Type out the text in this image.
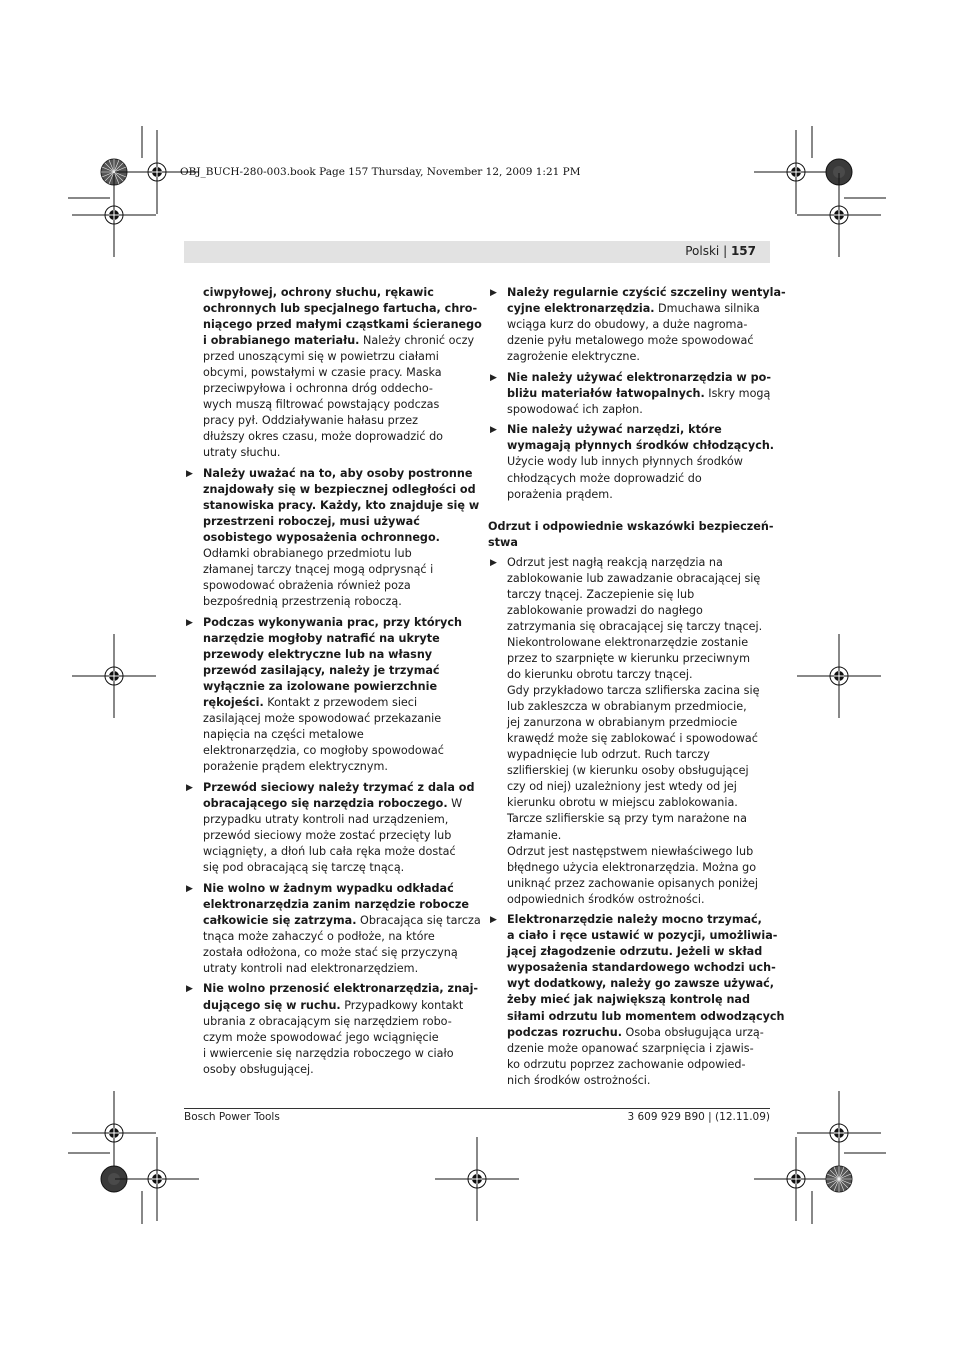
OBJ_BUCH-280-003.book Page 157 Thursday, November 12, 2009 1:21 PM
Polski | 157
ciwpyłowej, ochrony słuchu, rękawic
ochronnych lub specjalnego fartucha, chro-
niącego przed małymi cząstkami ścieranego
i obrabianego materiału. Należy chronić oczy
przed unoszącymi się w powietrzu ciałami
obcymi, powstałymi w czasie pracy. Maska
przeciwpyłowa i ochronna dróg oddecho-
wych muszą filtrować powstający podczas
pracy pył. Oddziaływanie hałasu przez
dłuższy okres czasu, może doprowadzić do
utraty słuchu.
▶ Należy uważać na to, aby osoby postronne
znajdowały się w bezpiecznej odległości od
stanowiska pracy. Każdy, kto znajduje się w
przestrzeni roboczej, musi używać
osobistego wyposażenia ochronnego.
Odłamki obrabianego przedmiotu lub
złamanej tarczy tnącej mogą odprysnąć i
spowodować obrażenia również poza
bezpośrednią przestrzenią roboczą.
▶ Podczas wykonywania prac, przy których
narzędzie mogłoby natrafić na ukryte
przewody elektryczne lub na własny
przewód zasilający, należy je trzymać
wyłącznie za izolowane powierzchnie
rękojeści. Kontakt z przewodem sieci
zasilającej może spowodować przekazanie
napięcia na części metalowe
elektronarzędzia, co mogłoby spowodować
porażenie prądem elektrycznym.
▶ Przewód sieciowy należy trzymać z dala od
obracającego się narzędzia roboczego. W
przypadku utraty kontroli nad urządzeniem,
przewód sieciowy może zostać przecięty lub
wciągnięty, a dłoń lub cała ręka może dostać
się pod obracającą się tarczę tnącą.
▶ Nie wolno w żadnym wypadku odkładać
elektronarzędzia zanim narzędzie robocze
całkowicie się zatrzyma. Obracająca się tarcza
tnąca może zahaczyć o podłoże, na które
została odłożona, co może stać się przyczyną
utraty kontroli nad elektronarzędziem.
▶ Nie wolno przenosić elektronarzędzia, znaj-
dującego się w ruchu. Przypadkowy kontakt
ubrania z obracającym się narzędziem robo-
czym może spowodować jego wciągnięcie
i wwiercenie się narzędzia roboczego w ciało
osoby obsługującej.
▶ Należy regularnie czyścić szczeliny wentyla-
cyjne elektronarzędzia. Dmuchawa silnika
wciąga kurz do obudowy, a duże nagroma-
dzenie pyłu metalowego może spowodować
zagrożenie elektryczne.
▶ Nie należy używać elektronarzędzia w po-
bliżu materiałów łatwopalnych. Iskry mogą
spowodować ich zapłon.
▶ Nie należy używać narzędzi, które
wymagają płynnych środków chłodzących.
Użycie wody lub innych płynnych środków
chłodzących może doprowadzić do
porażenia prądem.
Odrzut i odpowiednie wskazówki bezpieczeń-
stwa
▶ Odrzut jest nagłą reakcją narzędzia na
zablokowanie lub zawadzanie obracającej się
tarczy tnącej. Zaczepienie się lub
zablokowanie prowadzi do nagłego
zatrzymania się obracającej się tarczy tnącej.
Niekontrolowane elektronarzędzie zostanie
przez to szarpnięte w kierunku przeciwnym
do kierunku obrotu tarczy tnącej.
Gdy przykładowo tarcza szlifierska zacina się
lub zakleszcza w obrabianym przedmiocie,
jej zanurzona w obrabianym przedmiocie
krawędź może się zablokować i spowodować
wypadnięcie lub odrzut. Ruch tarczy
szlifierskiej (w kierunku osoby obsługującej
czy od niej) uzależniony jest wtedy od jej
kierunku obrotu w miejscu zablokowania.
Tarcze szlifierskie są przy tym narażone na
złamanie.
Odrzut jest następstwem niewłaściwego lub
błędnego użycia elektronarzędzia. Można go
uniknąć przez zachowanie opisanych poniżej
odpowiednich środków ostrożności.
▶ Elektronarzędzie należy mocno trzymać,
a ciało i ręce ustawić w pozycji, umożliwia-
jącej złagodzenie odrzutu. Jeżeli w skład
wyposażenia standardowego wchodzi uch-
wyt dodatkowy, należy go zawsze używać,
żeby mieć jak największą kontrolę nad
siłami odrzutu lub momentem odwodzących
podczas rozruchu. Osoba obsługująca urzą-
dzenie może opanować szarpnięcia i zjawis-
ko odrzutu poprzez zachowanie odpowied-
nich środków ostrożności.
Bosch Power Tools	3 609 929 B90 | (12.11.09)
